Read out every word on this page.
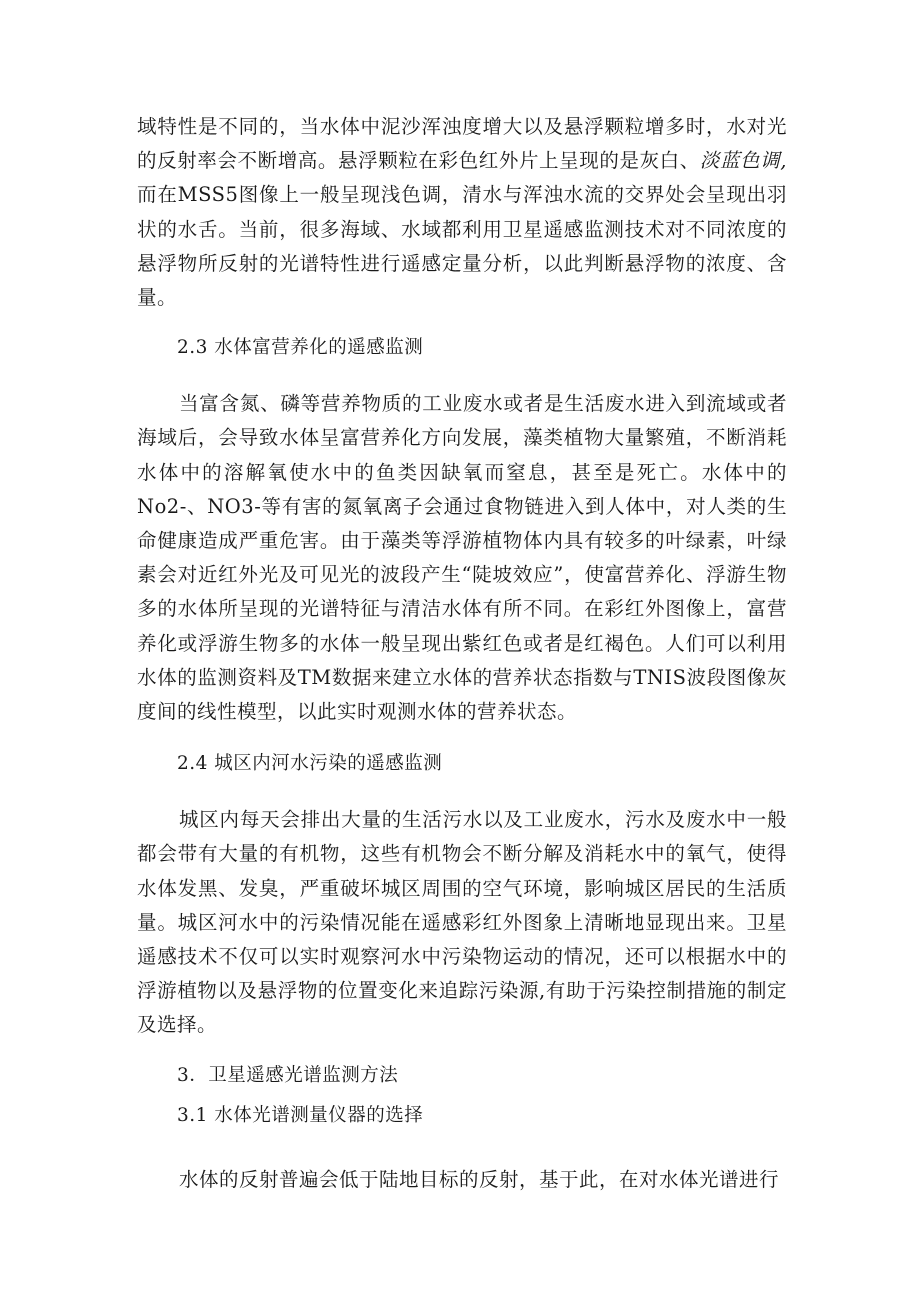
域特性是不同的，当水体中泥沙浑浊度增大以及悬浮颗粒增多时，水对光的反射率会不断增高。悬浮颗粒在彩色红外片上呈现的是灰白、淡蓝色调,而在MSS5图像上一般呈现浅色调，清水与浑浊水流的交界处会呈现出羽状的水舌。当前，很多海域、水域都利用卫星遥感监测技术对不同浓度的悬浮物所反射的光谱特性进行遥感定量分析，以此判断悬浮物的浓度、含量。

2.3 水体富营养化的遥感监测

当富含氮、磷等营养物质的工业废水或者是生活废水进入到流域或者海域后，会导致水体呈富营养化方向发展，藻类植物大量繁殖，不断消耗水体中的溶解氧使水中的鱼类因缺氧而窒息，甚至是死亡。水体中的No2-、NO3-等有害的氮氧离子会通过食物链进入到人体中，对人类的生命健康造成严重危害。由于藻类等浮游植物体内具有较多的叶绿素，叶绿素会对近红外光及可见光的波段产生“陡坡效应”，使富营养化、浮游生物多的水体所呈现的光谱特征与清洁水体有所不同。在彩红外图像上，富营养化或浮游生物多的水体一般呈现出紫红色或者是红褐色。人们可以利用水体的监测资料及TM数据来建立水体的营养状态指数与TNIS波段图像灰度间的线性模型，以此实时观测水体的营养状态。

2.4 城区内河水污染的遥感监测

城区内每天会排出大量的生活污水以及工业废水，污水及废水中一般都会带有大量的有机物，这些有机物会不断分解及消耗水中的氧气，使得水体发黑、发臭，严重破坏城区周围的空气环境，影响城区居民的生活质量。城区河水中的污染情况能在遥感彩红外图象上清晰地显现出来。卫星遥感技术不仅可以实时观察河水中污染物运动的情况，还可以根据水中的浮游植物以及悬浮物的位置变化来追踪污染源,有助于污染控制措施的制定及选择。

3．卫星遥感光谱监测方法

3.1 水体光谱测量仪器的选择

水体的反射普遍会低于陆地目标的反射，基于此，在对水体光谱进行
